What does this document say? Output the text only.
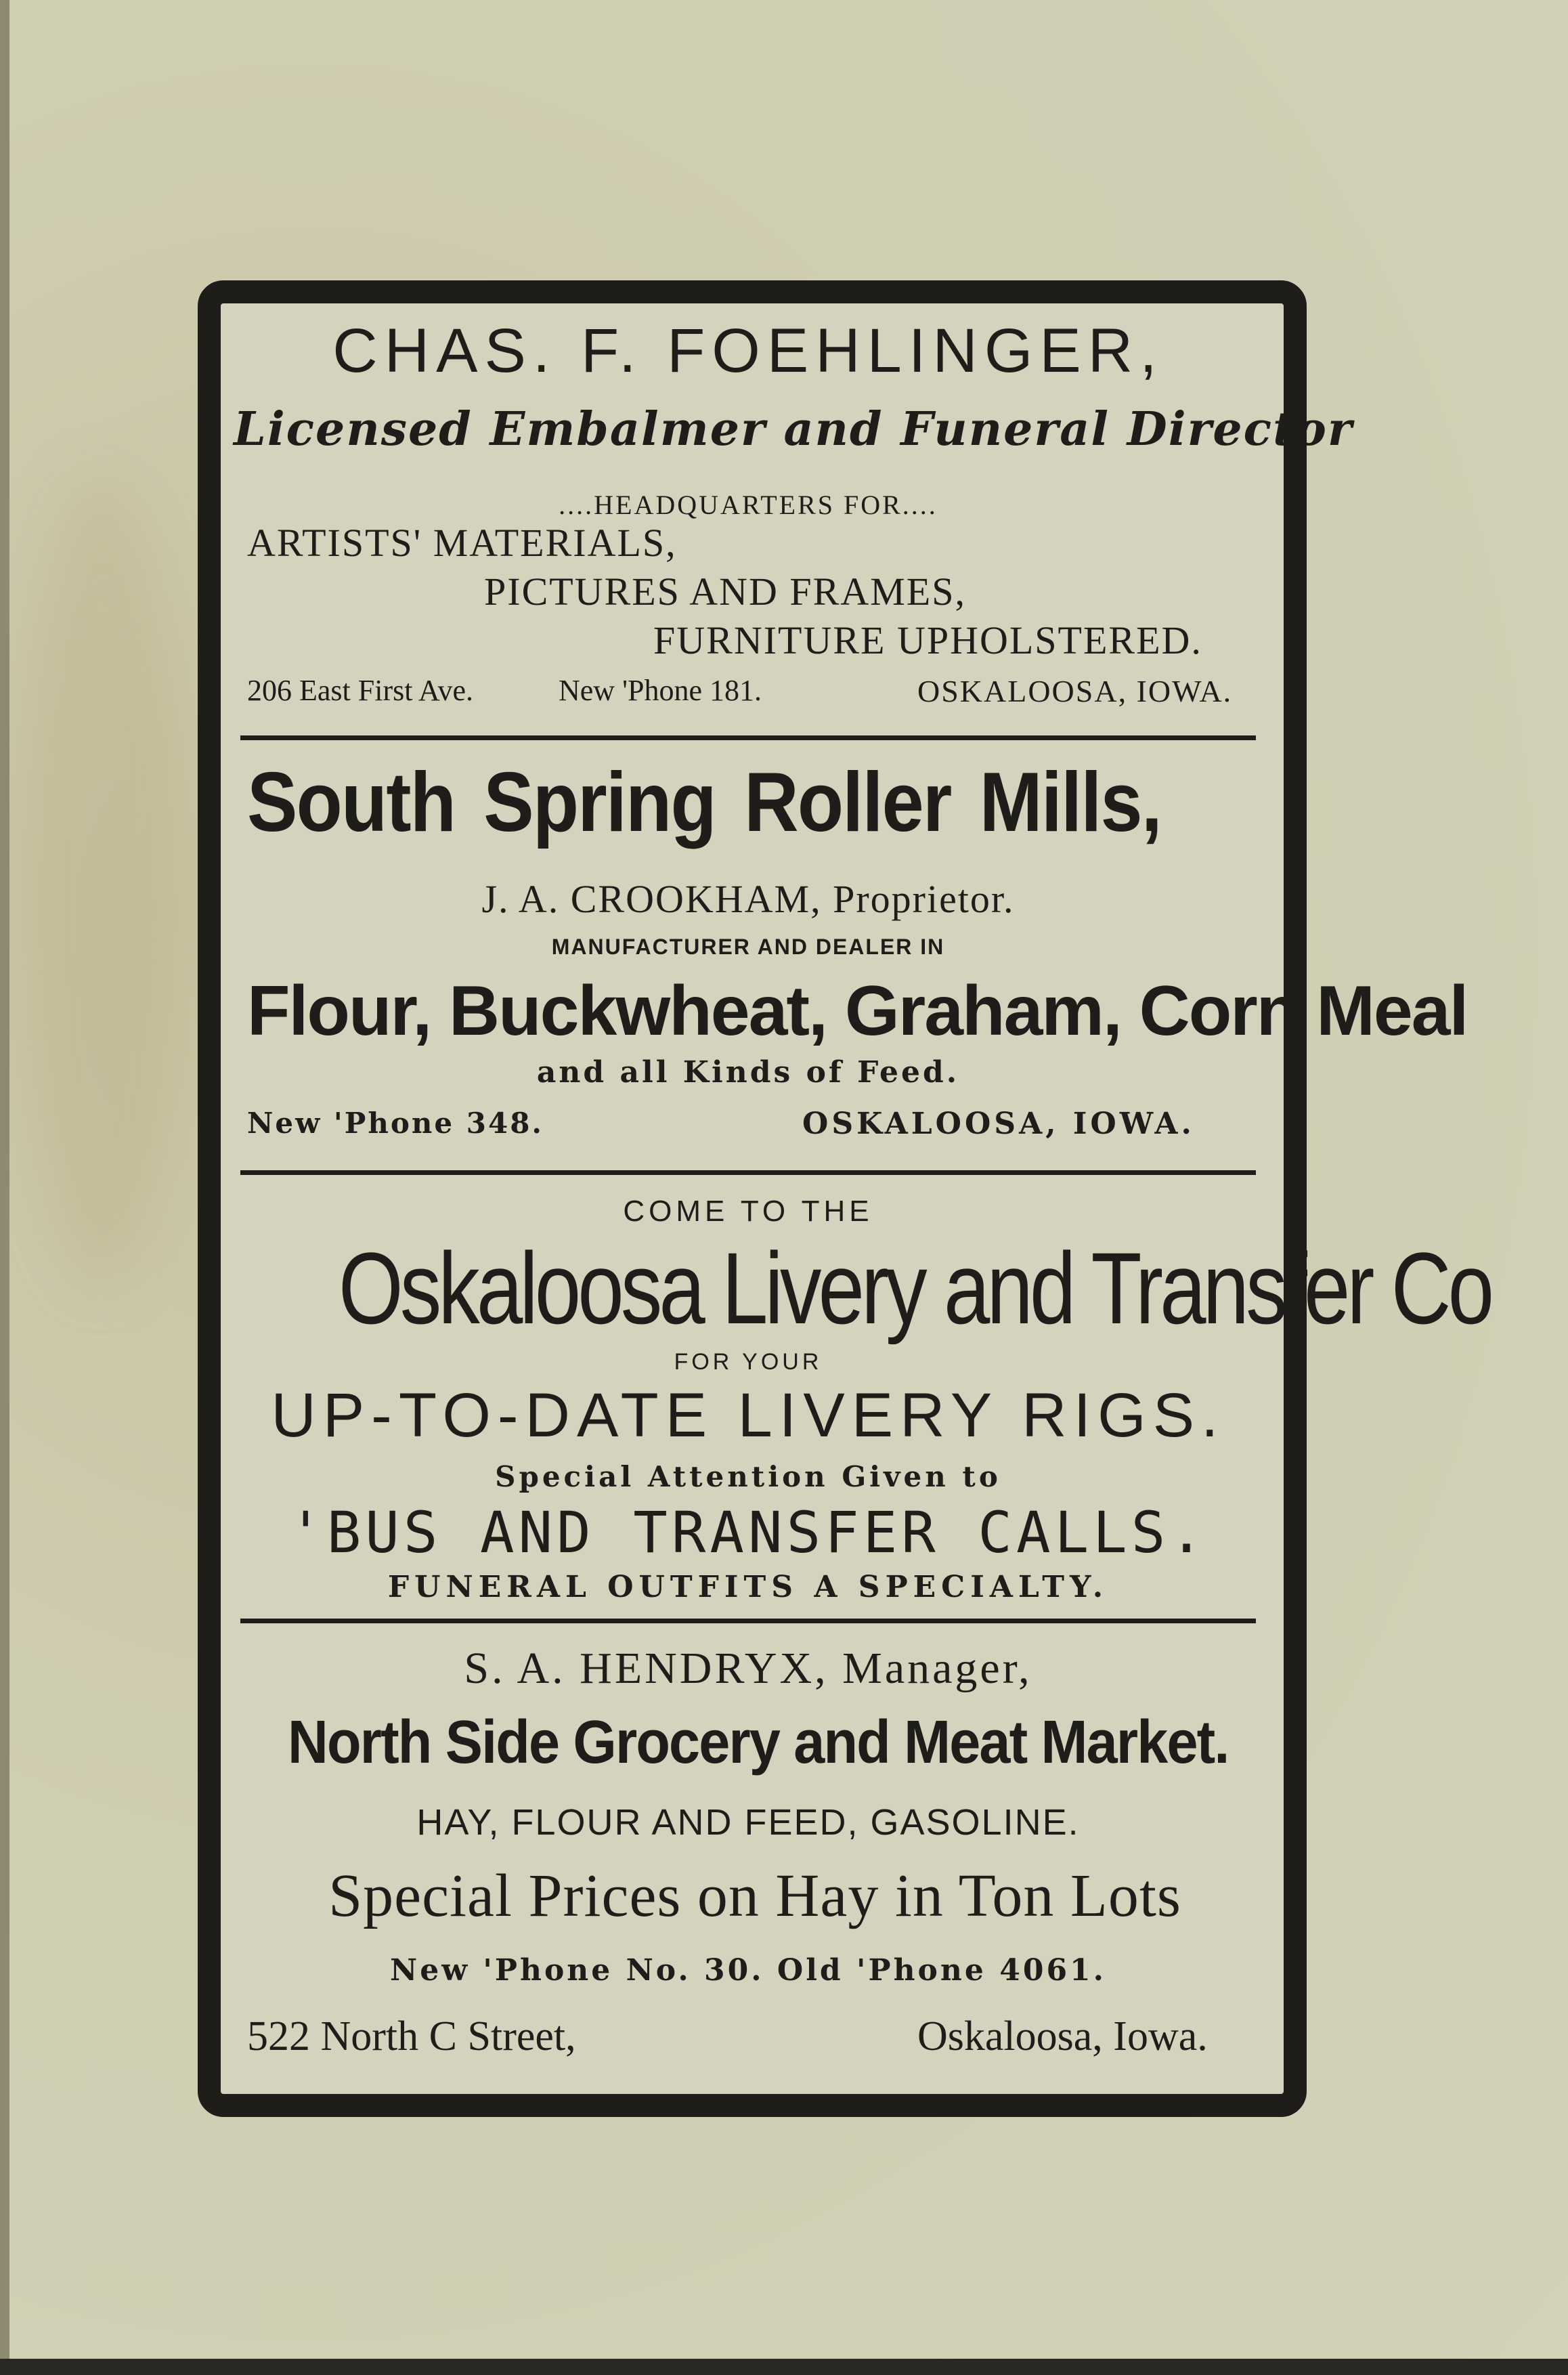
CHAS. F. FOEHLINGER,
Licensed Embalmer and Funeral Director
....HEADQUARTERS FOR....
ARTISTS' MATERIALS,
PICTURES AND FRAMES,
FURNITURE UPHOLSTERED.
206 East First Ave.	New 'Phone 181.	OSKALOOSA, IOWA.
South Spring Roller Mills,
J. A. CROOKHAM, Proprietor.
MANUFACTURER AND DEALER IN
Flour, Buckwheat, Graham, Corn Meal
and all Kinds of Feed.
New 'Phone 348.	OSKALOOSA, IOWA.
COME TO THE
Oskaloosa Livery and Transfer Co
FOR YOUR
UP-TO-DATE LIVERY RIGS.
Special Attention Given to
'BUS AND TRANSFER CALLS.
FUNERAL OUTFITS A SPECIALTY.
S. A. HENDRYX, Manager,
North Side Grocery and Meat Market.
HAY, FLOUR AND FEED, GASOLINE.
Special Prices on Hay in Ton Lots
New 'Phone No. 30. Old 'Phone 4061.
522 North C Street,	Oskaloosa, Iowa.
